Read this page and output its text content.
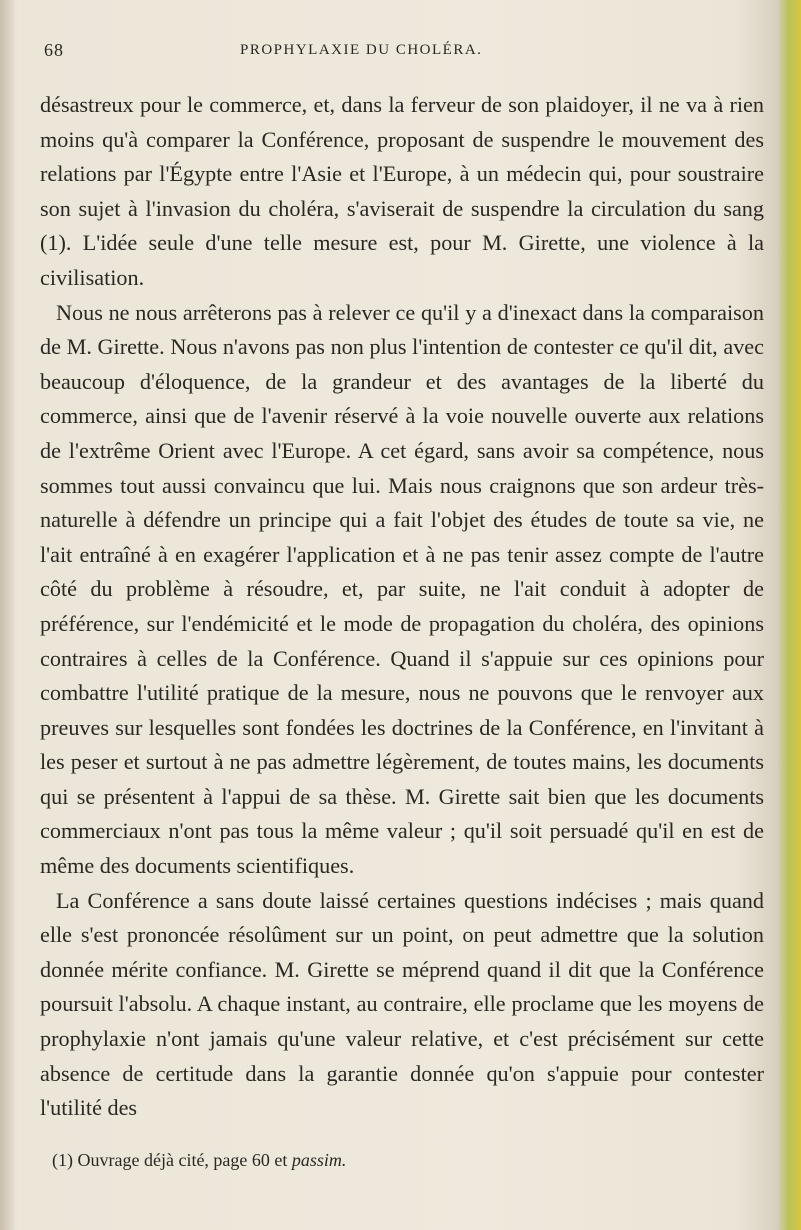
68	PROPHYLAXIE DU CHOLÉRA.

désastreux pour le commerce, et, dans la ferveur de son plaidoyer, il ne va à rien moins qu'à comparer la Conférence, proposant de suspendre le mouvement des relations par l'Égypte entre l'Asie et l'Europe, à un médecin qui, pour soustraire son sujet à l'invasion du choléra, s'aviserait de suspendre la circulation du sang (1). L'idée seule d'une telle mesure est, pour M. Girette, une violence à la civilisation.

Nous ne nous arrêterons pas à relever ce qu'il y a d'inexact dans la comparaison de M. Girette. Nous n'avons pas non plus l'intention de contester ce qu'il dit, avec beaucoup d'éloquence, de la grandeur et des avantages de la liberté du commerce, ainsi que de l'avenir réservé à la voie nouvelle ouverte aux relations de l'extrême Orient avec l'Europe. A cet égard, sans avoir sa compétence, nous sommes tout aussi convaincu que lui. Mais nous craignons que son ardeur très-naturelle à défendre un principe qui a fait l'objet des études de toute sa vie, ne l'ait entraîné à en exagérer l'application et à ne pas tenir assez compte de l'autre côté du problème à résoudre, et, par suite, ne l'ait conduit à adopter de préférence, sur l'endémicité et le mode de propagation du choléra, des opinions contraires à celles de la Conférence. Quand il s'appuie sur ces opinions pour combattre l'utilité pratique de la mesure, nous ne pouvons que le renvoyer aux preuves sur lesquelles sont fondées les doctrines de la Conférence, en l'invitant à les peser et surtout à ne pas admettre légèrement, de toutes mains, les documents qui se présentent à l'appui de sa thèse. M. Girette sait bien que les documents commerciaux n'ont pas tous la même valeur ; qu'il soit persuadé qu'il en est de même des documents scientifiques.

La Conférence a sans doute laissé certaines questions indécises ; mais quand elle s'est prononcée résolûment sur un point, on peut admettre que la solution donnée mérite confiance. M. Girette se méprend quand il dit que la Conférence poursuit l'absolu. A chaque instant, au contraire, elle proclame que les moyens de prophylaxie n'ont jamais qu'une valeur relative, et c'est précisément sur cette absence de certitude dans la garantie donnée qu'on s'appuie pour contester l'utilité des

(1) Ouvrage déjà cité, page 60 et passim.
